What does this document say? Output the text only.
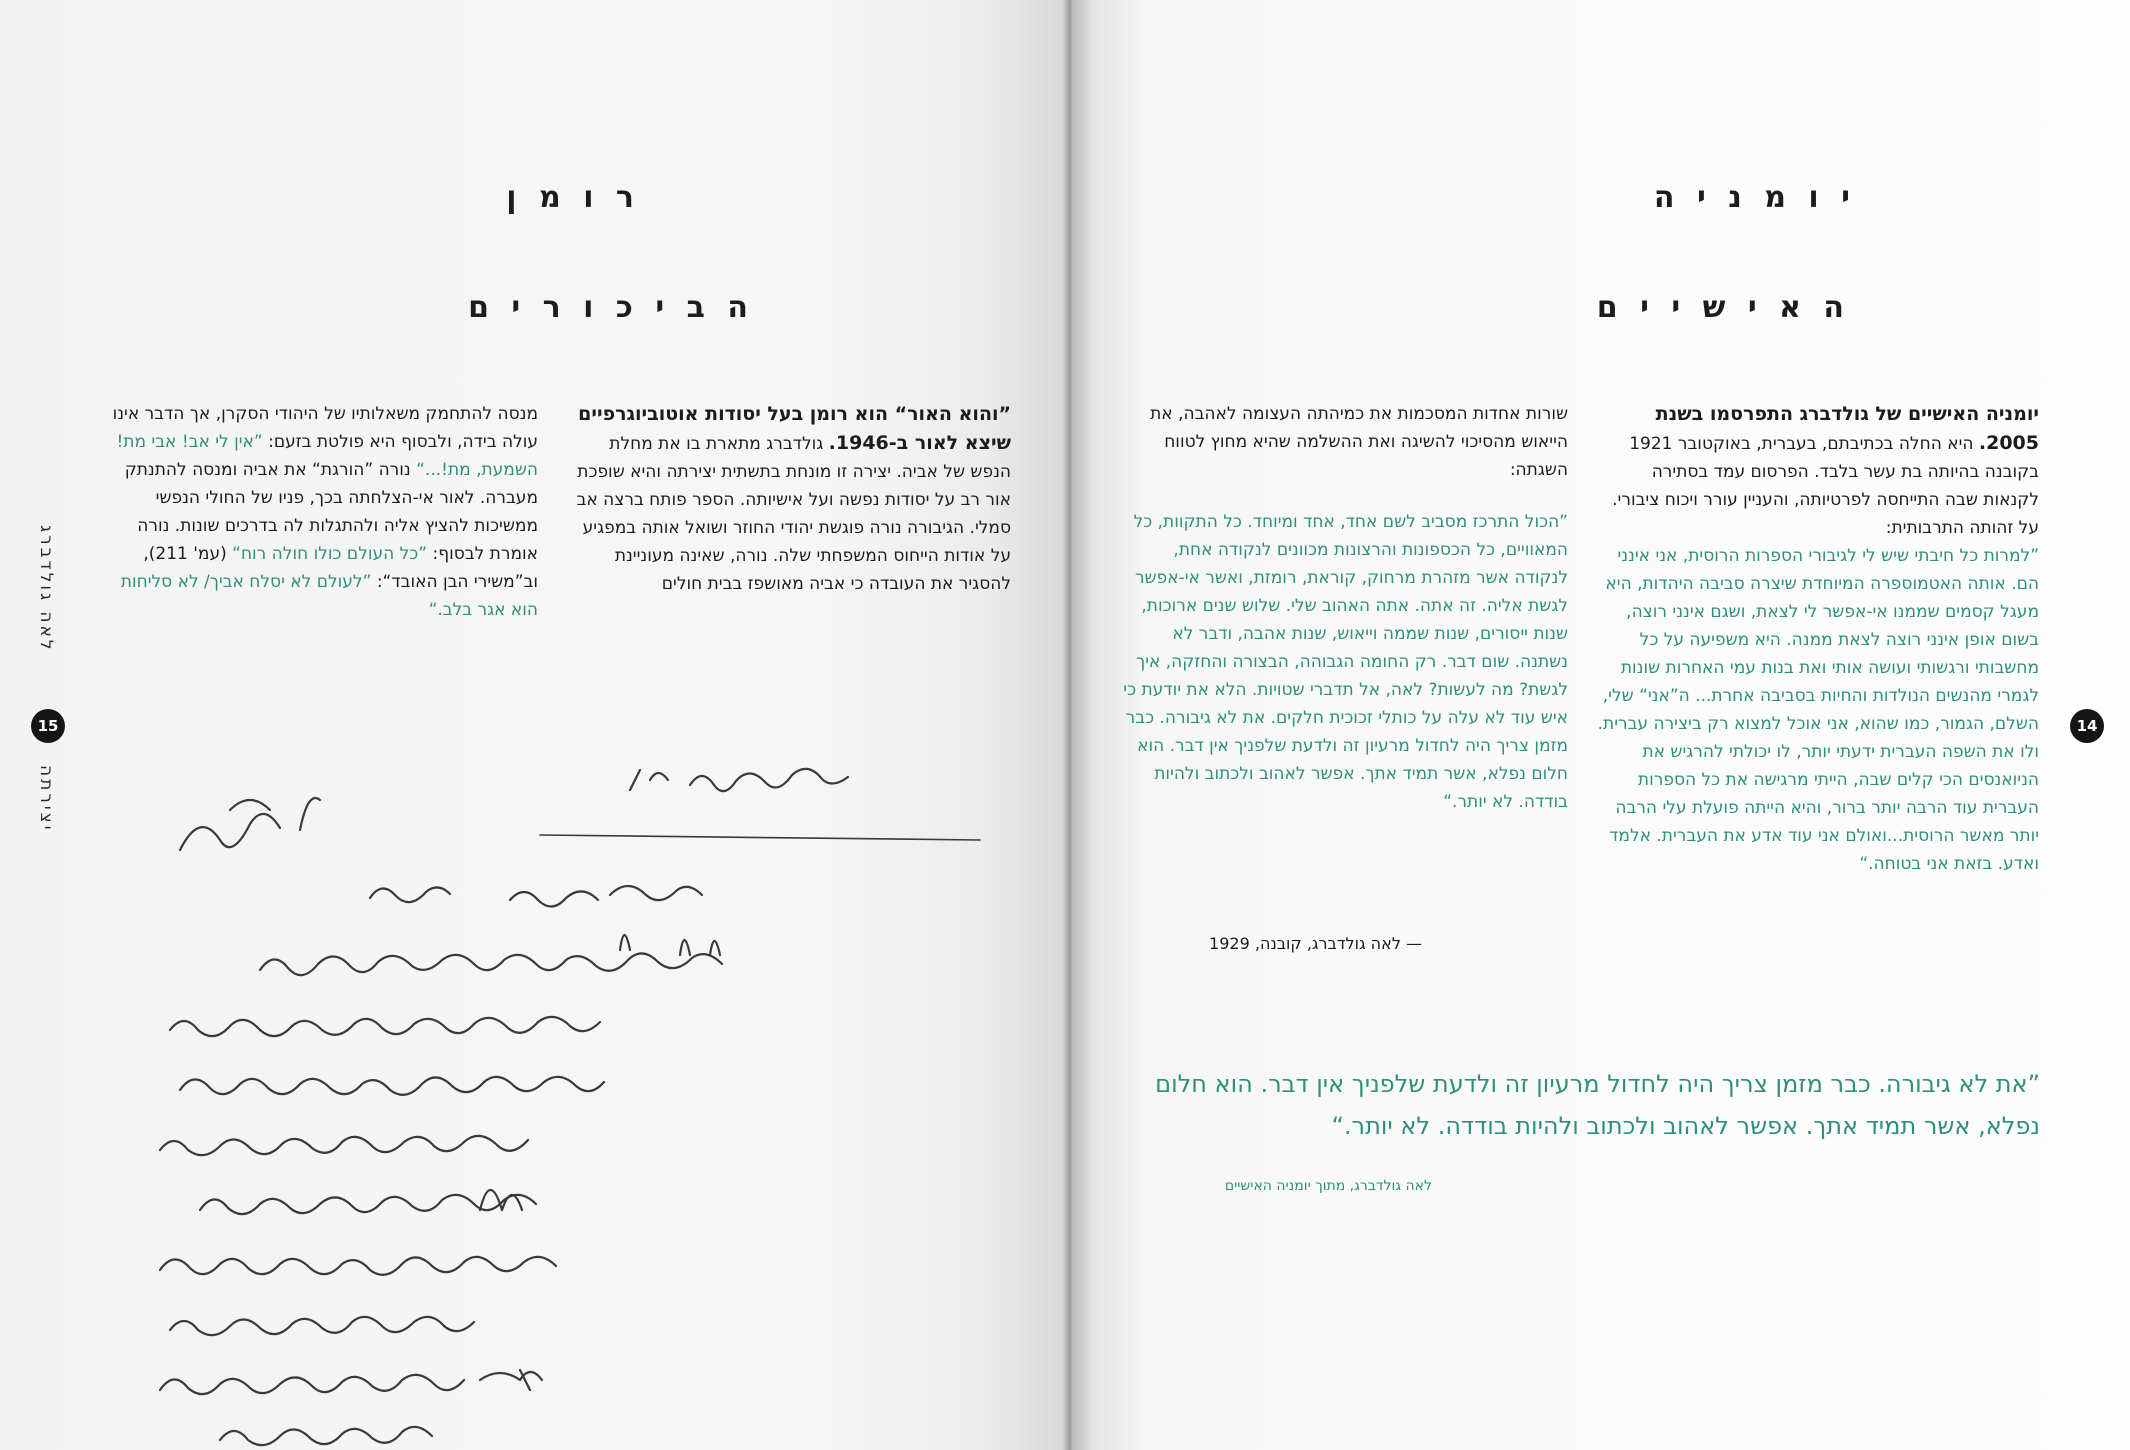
ר ו מ ן
ה ב י כ ו ר י ם
”והוא האור“ הוא רומן בעל יסודות אוטוביוגרפיים שיצא לאור ב-1946. גולדברג מתארת בו את מחלת הנפש של אביה. יצירה זו מונחת בתשתית יצירתה והיא שופכת אור רב על יסודות נפשה ועל אישיותה. הספר פותח ברצה אב סמלי. הגיבורה נורה פוגשת יהודי החוזר ושואל אותה במפגיע על אודות הייחוס המשפחתי שלה. נורה, שאינה מעוניינת להסגיר את העובדה כי אביה מאושפז בבית חולים
מנסה להתחמק משאלותיו של היהודי הסקרן, אך הדבר אינו עולה בידה, ולבסוף היא פולטת בזעם: ”אין לי אב! אבי מת! השמעת, מת!...“ נורה ”הורגת“ את אביה ומנסה להתנתק מעברה. לאור אי-הצלחתה בכך, פניו של החולי הנפשי ממשיכות להציץ אליה ולהתגלות לה בדרכים שונות. נורה אומרת לבסוף: ”כל העולם כולו חולה רוח“ (עמ' 211), וב”משירי הבן האובד“: ”לעולם לא יסלח אביך/ לא סליחות הוא אגר בלב.“
לאה גולדברג
15
יצירתה
י ו מ נ י ה
ה א י ש י י ם
יומניה האישיים של גולדברג התפרסמו בשנת 2005. היא החלה בכתיבתם, בעברית, באוקטובר 1921 בקובנה בהיותה בת עשר בלבד. הפרסום עמד בסתירה לקנאות שבה התייחסה לפרטיותה, והעניין עורר ויכוח ציבורי.
על זהותה התרבותית:
”למרות כל חיבתי שיש לי לגיבורי הספרות הרוסית, אני אינני הם. אותה האטמוספרה המיוחדת שיצרה סביבה היהדות, היא מעגל קסמים שממנו אי-אפשר לי לצאת, ושגם אינני רוצה, בשום אופן אינני רוצה לצאת ממנה. היא משפיעה על כל מחשבותי ורגשותי ועושה אותי ואת בנות עמי האחרות שונות לגמרי מהנשים הנולדות והחיות בסביבה אחרת... ה”אני“ שלי, השלם, הגמור, כמו שהוא, אני אוכל למצוא רק ביצירה עברית. ולו את השפה העברית ידעתי יותר, לו יכולתי להרגיש את הניואנסים הכי קלים שבה, הייתי מרגישה את כל הספרות העברית עוד הרבה יותר ברור, והיא הייתה פועלת עלי הרבה יותר מאשר הרוסית...ואולם אני עוד אדע את העברית. אלמד ואדע. בזאת אני בטוחה.“
שורות אחדות המסכמות את כמיהתה העצומה לאהבה, את הייאוש מהסיכוי להשיגה ואת ההשלמה שהיא מחוץ לטווח השגתה:
”הכול התרכז מסביב לשם אחד, אחד ומיוחד. כל התקוות, כל המאוויים, כל הכספונות והרצונות מכוונים לנקודה אחת, לנקודה אשר מזהרת מרחוק, קוראת, רומזת, ואשר אי-אפשר לגשת אליה. זה אתה. אתה האהוב שלי. שלוש שנים ארוכות, שנות ייסורים, שנות שממה וייאוש, שנות אהבה, ודבר לא נשתנה. שום דבר. רק החומה הגבוהה, הבצורה והחזקה, איך לגשת? מה לעשות? לאה, אל תדברי שטויות. הלא את יודעת כי איש עוד לא עלה על כותלי זכוכית חלקים. את לא גיבורה. כבר מזמן צריך היה לחדול מרעיון זה ולדעת שלפניך אין דבר. הוא חלום נפלא, אשר תמיד אתך. אפשר לאהוב ולכתוב ולהיות בודדה. לא יותר.“
— לאה גולדברג, קובנה, 1929
14
”את לא גיבורה. כבר מזמן צריך היה לחדול מרעיון זה ולדעת שלפניך אין דבר. הוא חלום נפלא, אשר תמיד אתך. אפשר לאהוב ולכתוב ולהיות בודדה. לא יותר.“
לאה גולדברג, מתוך יומניה האישיים
